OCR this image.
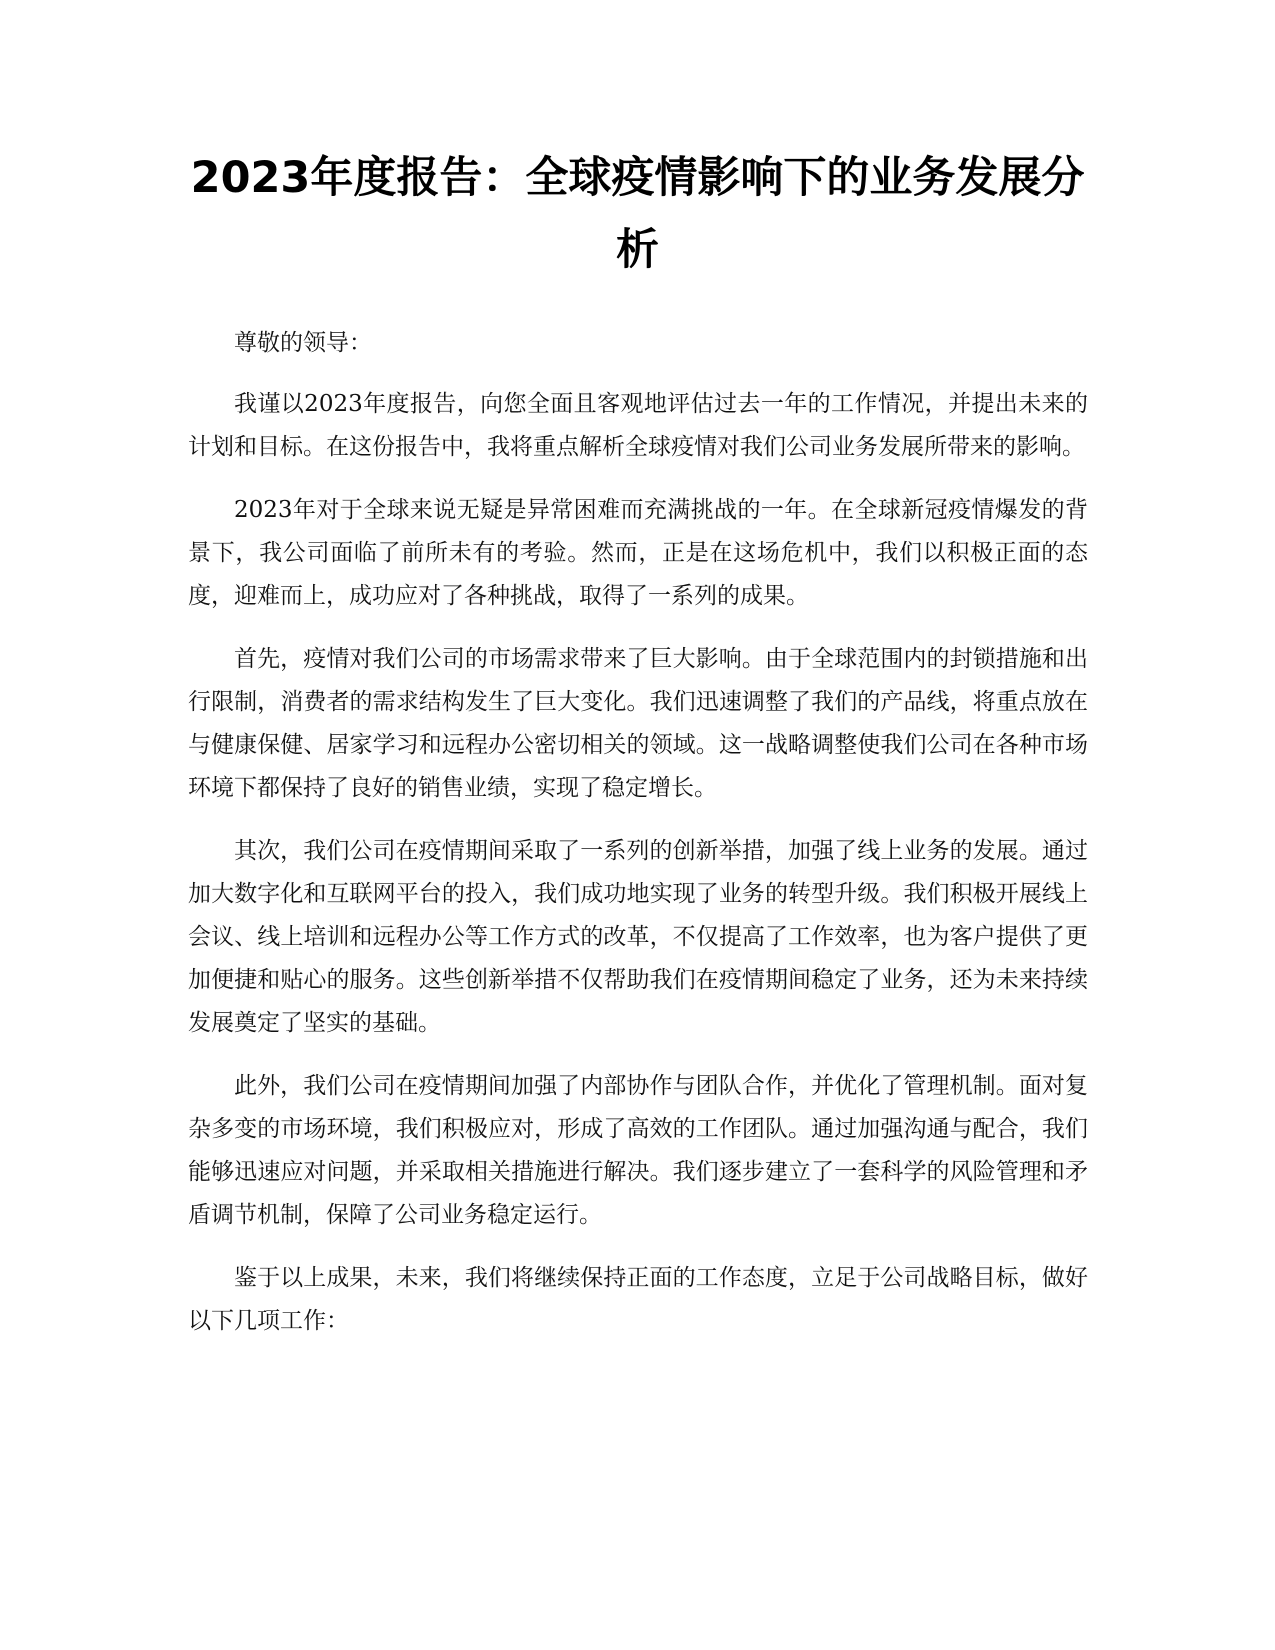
2023年度报告：全球疫情影响下的业务发展分析

尊敬的领导：

我谨以2023年度报告，向您全面且客观地评估过去一年的工作情况，并提出未来的计划和目标。在这份报告中，我将重点解析全球疫情对我们公司业务发展所带来的影响。

2023年对于全球来说无疑是异常困难而充满挑战的一年。在全球新冠疫情爆发的背景下，我公司面临了前所未有的考验。然而，正是在这场危机中，我们以积极正面的态度，迎难而上，成功应对了各种挑战，取得了一系列的成果。

首先，疫情对我们公司的市场需求带来了巨大影响。由于全球范围内的封锁措施和出行限制，消费者的需求结构发生了巨大变化。我们迅速调整了我们的产品线，将重点放在与健康保健、居家学习和远程办公密切相关的领域。这一战略调整使我们公司在各种市场环境下都保持了良好的销售业绩，实现了稳定增长。

其次，我们公司在疫情期间采取了一系列的创新举措，加强了线上业务的发展。通过加大数字化和互联网平台的投入，我们成功地实现了业务的转型升级。我们积极开展线上会议、线上培训和远程办公等工作方式的改革，不仅提高了工作效率，也为客户提供了更加便捷和贴心的服务。这些创新举措不仅帮助我们在疫情期间稳定了业务，还为未来持续发展奠定了坚实的基础。

此外，我们公司在疫情期间加强了内部协作与团队合作，并优化了管理机制。面对复杂多变的市场环境，我们积极应对，形成了高效的工作团队。通过加强沟通与配合，我们能够迅速应对问题，并采取相关措施进行解决。我们逐步建立了一套科学的风险管理和矛盾调节机制，保障了公司业务稳定运行。

鉴于以上成果，未来，我们将继续保持正面的工作态度，立足于公司战略目标，做好以下几项工作：
